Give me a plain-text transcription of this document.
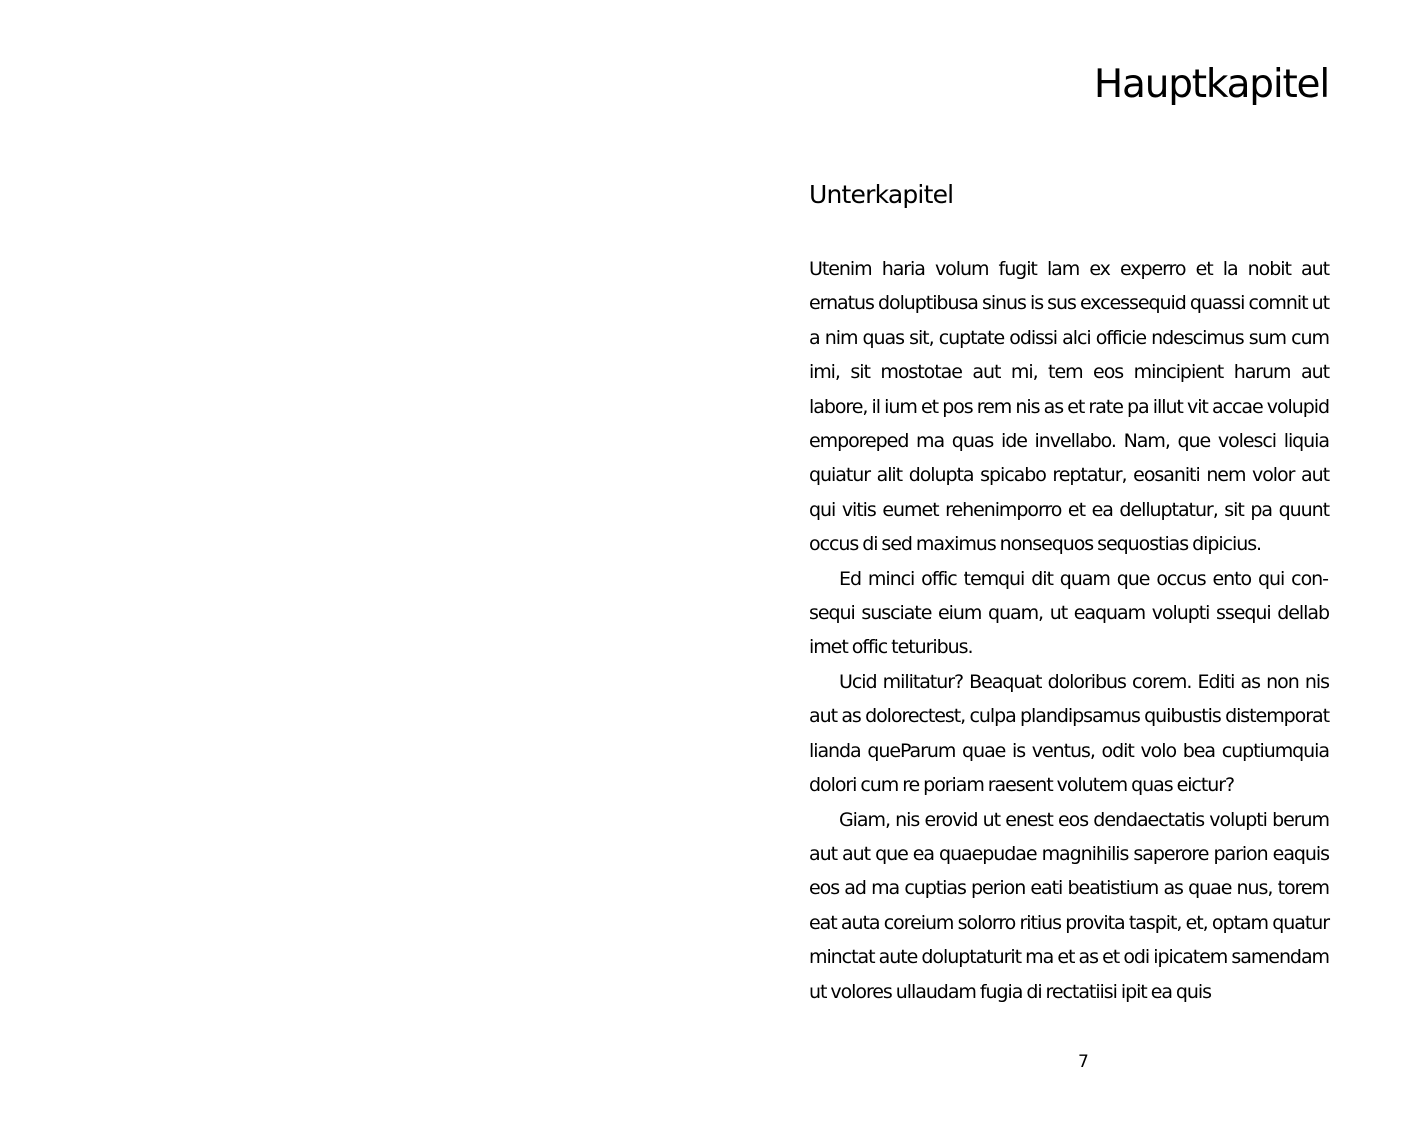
Hauptkapitel
Unterkapitel

Utenim haria volum fugit lam ex experro et la nobit aut ernatus doluptibusa sinus is sus excessequid quassi comnit ut a nim quas sit, cuptate odissi alci officie ndescimus sum cum imi, sit mostotae aut mi, tem eos mincipient harum aut labore, il ium et pos rem nis as et rate pa illut vit accae volupid emporeped ma quas ide invellabo. Nam, que volesci liquia quiatur alit dolupta spicabo reptatur, eosaniti nem volor aut qui vitis eumet rehenimporro et ea delluptatur, sit pa quunt occus di sed maximus nonsequos sequostias dipicius.

Ed minci offic temqui dit quam que occus ento qui consequi susciate eium quam, ut eaquam volupti ssequi dellab imet offic teturibus.

Ucid militatur? Beaquat doloribus corem. Editi as non nis aut as dolorectest, culpa plandipsamus quibustis distemporat lianda queParum quae is ventus, odit volo bea cuptiumquia dolori cum re poriam raesent volutem quas eictur?

Giam, nis erovid ut enest eos dendaectatis volupti berum aut aut que ea quaepudae magnihilis saperore parion eaquis eos ad ma cuptias perion eati beatistium as quae nus, torem eat auta coreium solorro ritius provita taspit, et, optam quatur minctat aute doluptaturit ma et as et odi ipicatem samendam ut volores ullaudam fugia di rectatiisi ipit ea quis

7
